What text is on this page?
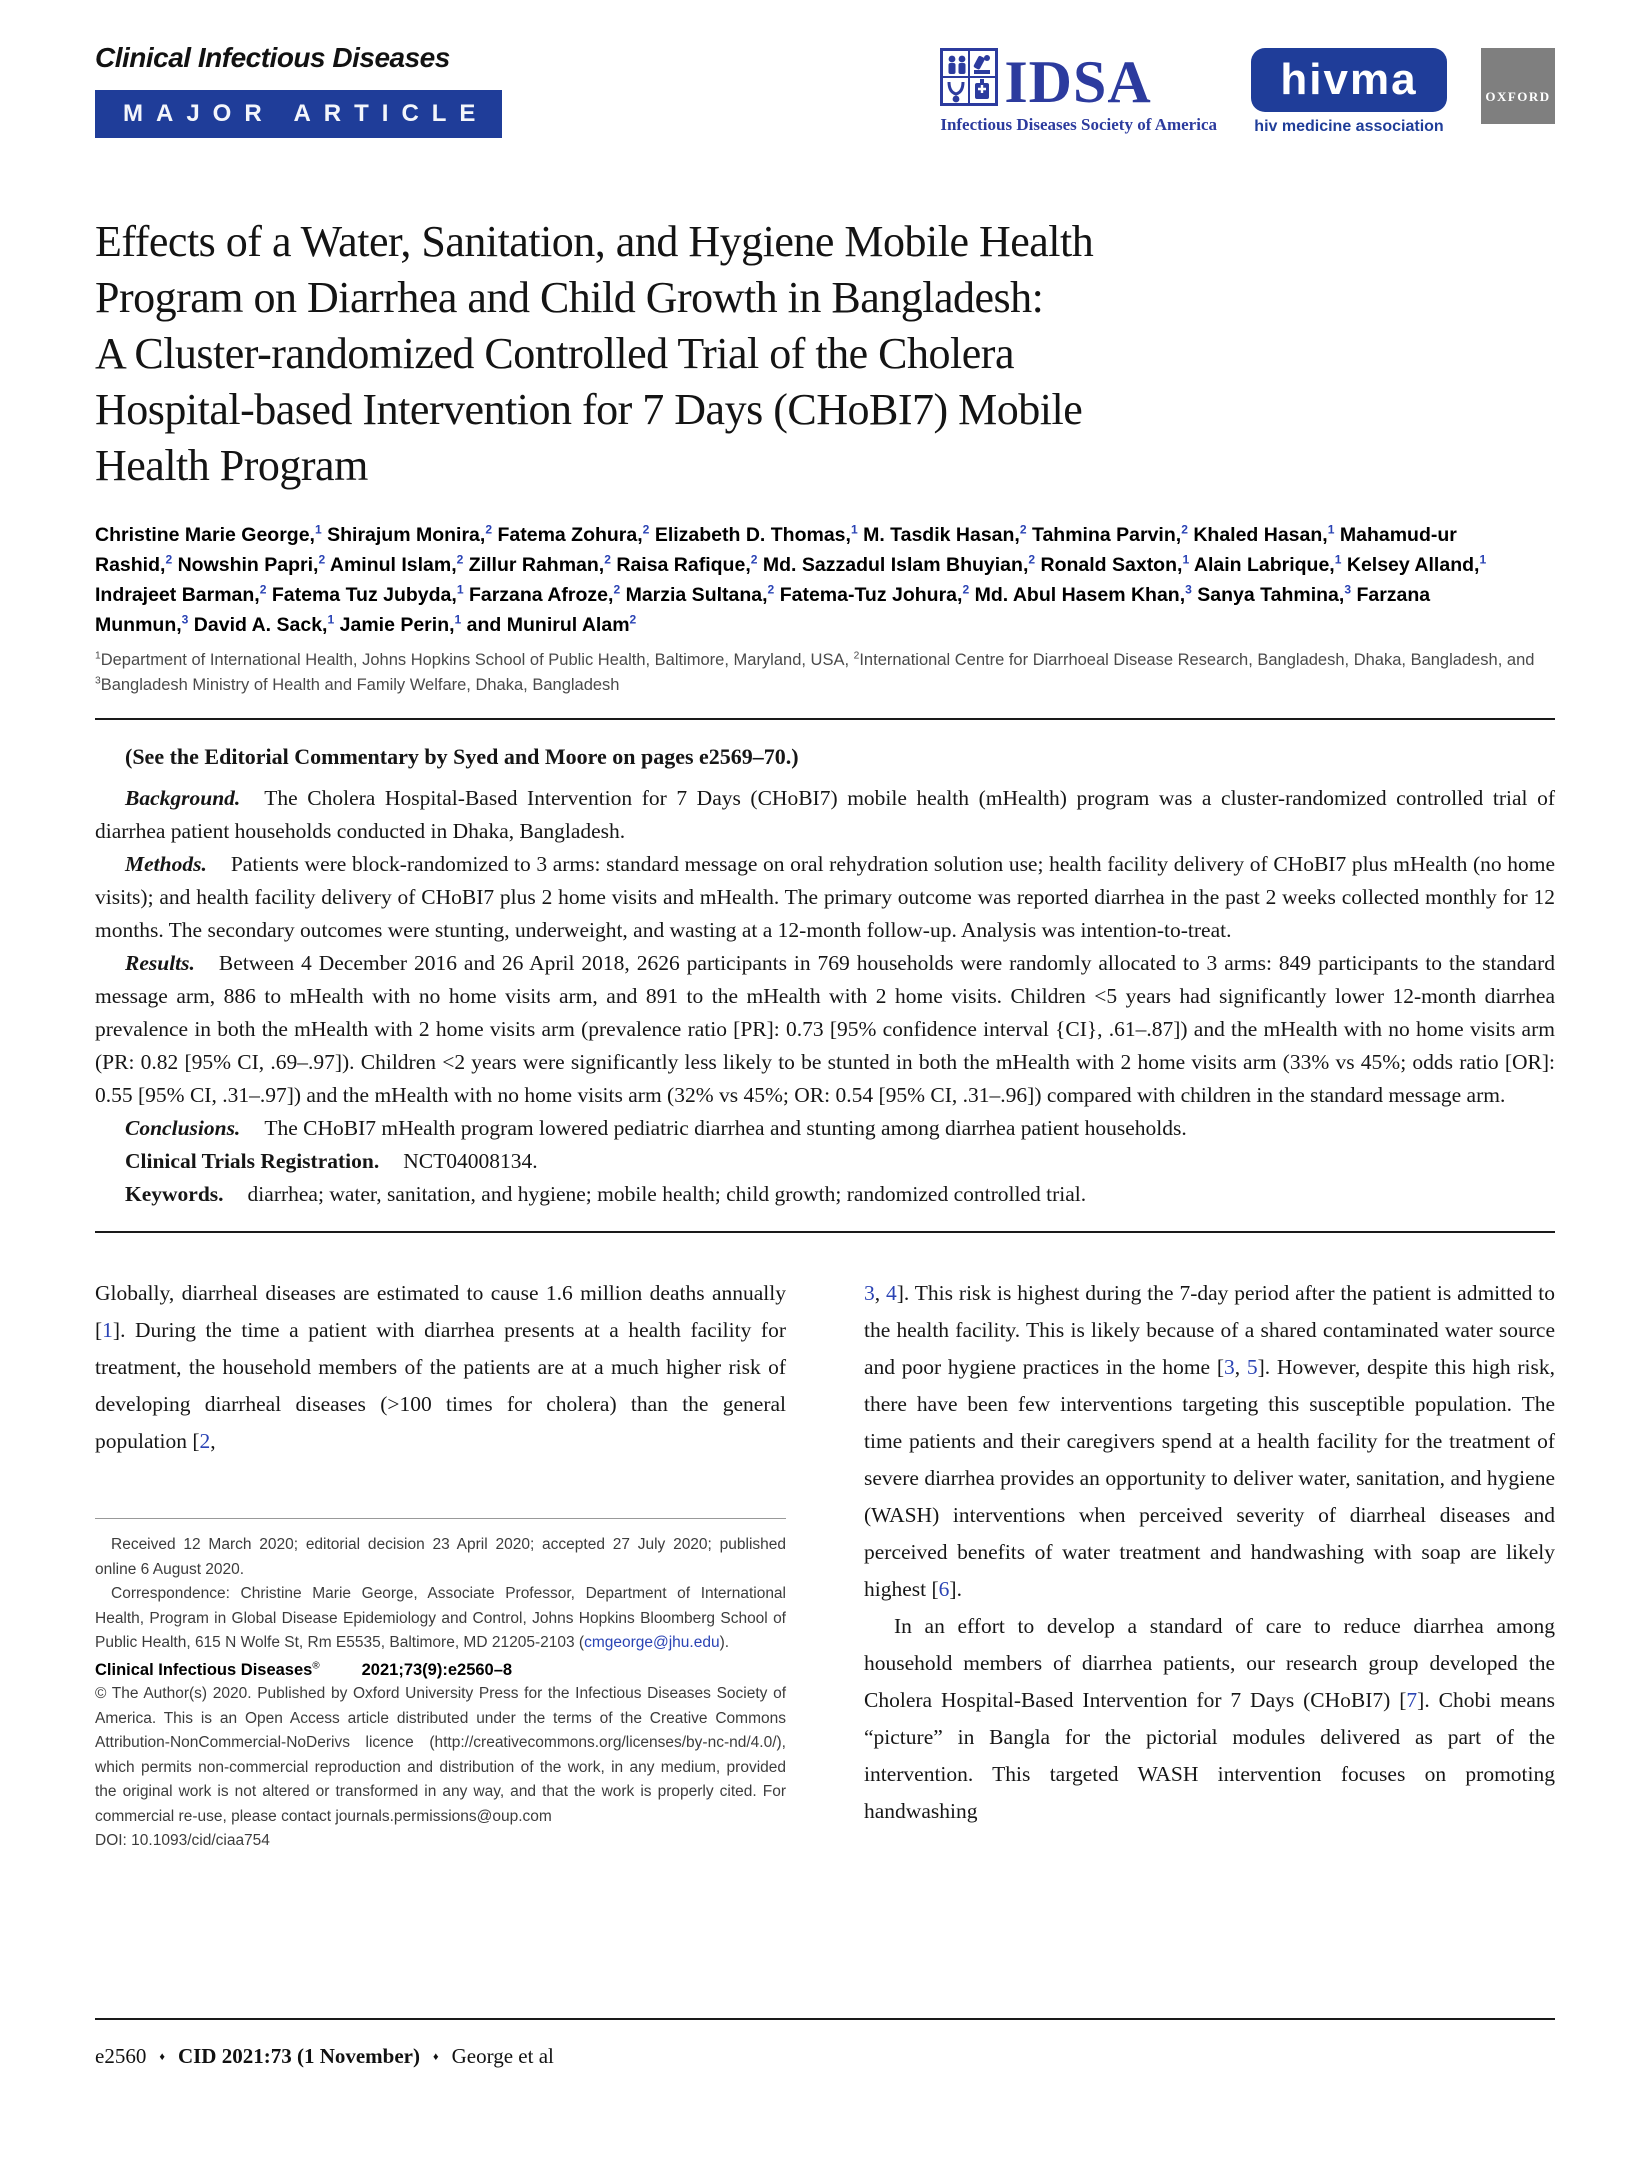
Clinical Infectious Diseases
MAJOR ARTICLE	IDSA
Infectious Diseases Society of America
hivma
hiv medicine association
OXFORD
Effects of a Water, Sanitation, and Hygiene Mobile Health
Program on Diarrhea and Child Growth in Bangladesh:
A Cluster-randomized Controlled Trial of the Cholera
Hospital-based Intervention for 7 Days (CHoBI7) Mobile
Health Program
Christine Marie George,$^1$ Shirajum Monira,$^2$ Fatema Zohura,$^2$ Elizabeth D. Thomas,$^1$ M. Tasdik Hasan,$^2$ Tahmina Parvin,$^2$ Khaled Hasan,$^1$ Mahamud-ur Rashid,$^2$ Nowshin Papri,$^2$ Aminul Islam,$^2$ Zillur Rahman,$^2$ Raisa Rafique,$^2$ Md. Sazzadul Islam Bhuyian,$^2$ Ronald Saxton,$^1$ Alain Labrique,$^1$ Kelsey Alland,$^1$ Indrajeet Barman,$^2$ Fatema Tuz Jubyda,$^1$ Farzana Afroze,$^2$ Marzia Sultana,$^2$ Fatema-Tuz Johura,$^2$ Md. Abul Hasem Khan,$^3$ Sanya Tahmina,$^3$ Farzana Munmun,$^3$ David A. Sack,$^1$ Jamie Perin,$^1$ and Munirul Alam$^2$
$^1$Department of International Health, Johns Hopkins School of Public Health, Baltimore, Maryland, USA, $^2$International Centre for Diarrhoeal Disease Research, Bangladesh, Dhaka, Bangladesh, and $^3$Bangladesh Ministry of Health and Family Welfare, Dhaka, Bangladesh

(See the Editorial Commentary by Syed and Moore on pages e2569–70.)

Background. The Cholera Hospital-Based Intervention for 7 Days (CHoBI7) mobile health (mHealth) program was a cluster-randomized controlled trial of diarrhea patient households conducted in Dhaka, Bangladesh.

Methods. Patients were block-randomized to 3 arms: standard message on oral rehydration solution use; health facility delivery of CHoBI7 plus mHealth (no home visits); and health facility delivery of CHoBI7 plus 2 home visits and mHealth. The primary outcome was reported diarrhea in the past 2 weeks collected monthly for 12 months. The secondary outcomes were stunting, underweight, and wasting at a 12-month follow-up. Analysis was intention-to-treat.

Results. Between 4 December 2016 and 26 April 2018, 2626 participants in 769 households were randomly allocated to 3 arms: 849 participants to the standard message arm, 886 to mHealth with no home visits arm, and 891 to the mHealth with 2 home visits. Children <5 years had significantly lower 12-month diarrhea prevalence in both the mHealth with 2 home visits arm (prevalence ratio [PR]: 0.73 [95% confidence interval {CI}, .61–.87]) and the mHealth with no home visits arm (PR: 0.82 [95% CI, .69–.97]). Children <2 years were significantly less likely to be stunted in both the mHealth with 2 home visits arm (33% vs 45%; odds ratio [OR]: 0.55 [95% CI, .31–.97]) and the mHealth with no home visits arm (32% vs 45%; OR: 0.54 [95% CI, .31–.96]) compared with children in the standard message arm.

Conclusions. The CHoBI7 mHealth program lowered pediatric diarrhea and stunting among diarrhea patient households.

Clinical Trials Registration. NCT04008134.

Keywords. diarrhea; water, sanitation, and hygiene; mobile health; child growth; randomized controlled trial.

Globally, diarrheal diseases are estimated to cause 1.6 million deaths annually [1]. During the time a patient with diarrhea presents at a health facility for treatment, the household members of the patients are at a much higher risk of developing diarrheal diseases (>100 times for cholera) than the general population [2,

Received 12 March 2020; editorial decision 23 April 2020; accepted 27 July 2020; published online 6 August 2020.

Correspondence: Christine Marie George, Associate Professor, Department of International Health, Program in Global Disease Epidemiology and Control, Johns Hopkins Bloomberg School of Public Health, 615 N Wolfe St, Rm E5535, Baltimore, MD 21205-2103 (cmgeorge@jhu.edu).

Clinical Infectious Diseases®	2021;73(9):e2560–8

© The Author(s) 2020. Published by Oxford University Press for the Infectious Diseases Society of America. This is an Open Access article distributed under the terms of the Creative Commons Attribution-NonCommercial-NoDerivs licence (http://creativecommons.org/licenses/by-nc-nd/4.0/), which permits non-commercial reproduction and distribution of the work, in any medium, provided the original work is not altered or transformed in any way, and that the work is properly cited. For commercial re-use, please contact journals.permissions@oup.com

DOI: 10.1093/cid/ciaa754

3, 4]. This risk is highest during the 7-day period after the patient is admitted to the health facility. This is likely because of a shared contaminated water source and poor hygiene practices in the home [3, 5]. However, despite this high risk, there have been few interventions targeting this susceptible population. The time patients and their caregivers spend at a health facility for the treatment of severe diarrhea provides an opportunity to deliver water, sanitation, and hygiene (WASH) interventions when perceived severity of diarrheal diseases and perceived benefits of water treatment and handwashing with soap are likely highest [6].

In an effort to develop a standard of care to reduce diarrhea among household members of diarrhea patients, our research group developed the Cholera Hospital-Based Intervention for 7 Days (CHoBI7) [7]. Chobi means “picture” in Bangla for the pictorial modules delivered as part of the intervention. This targeted WASH intervention focuses on promoting handwashing

e2560 ♦ CID 2021:73 (1 November) ♦ George et al
